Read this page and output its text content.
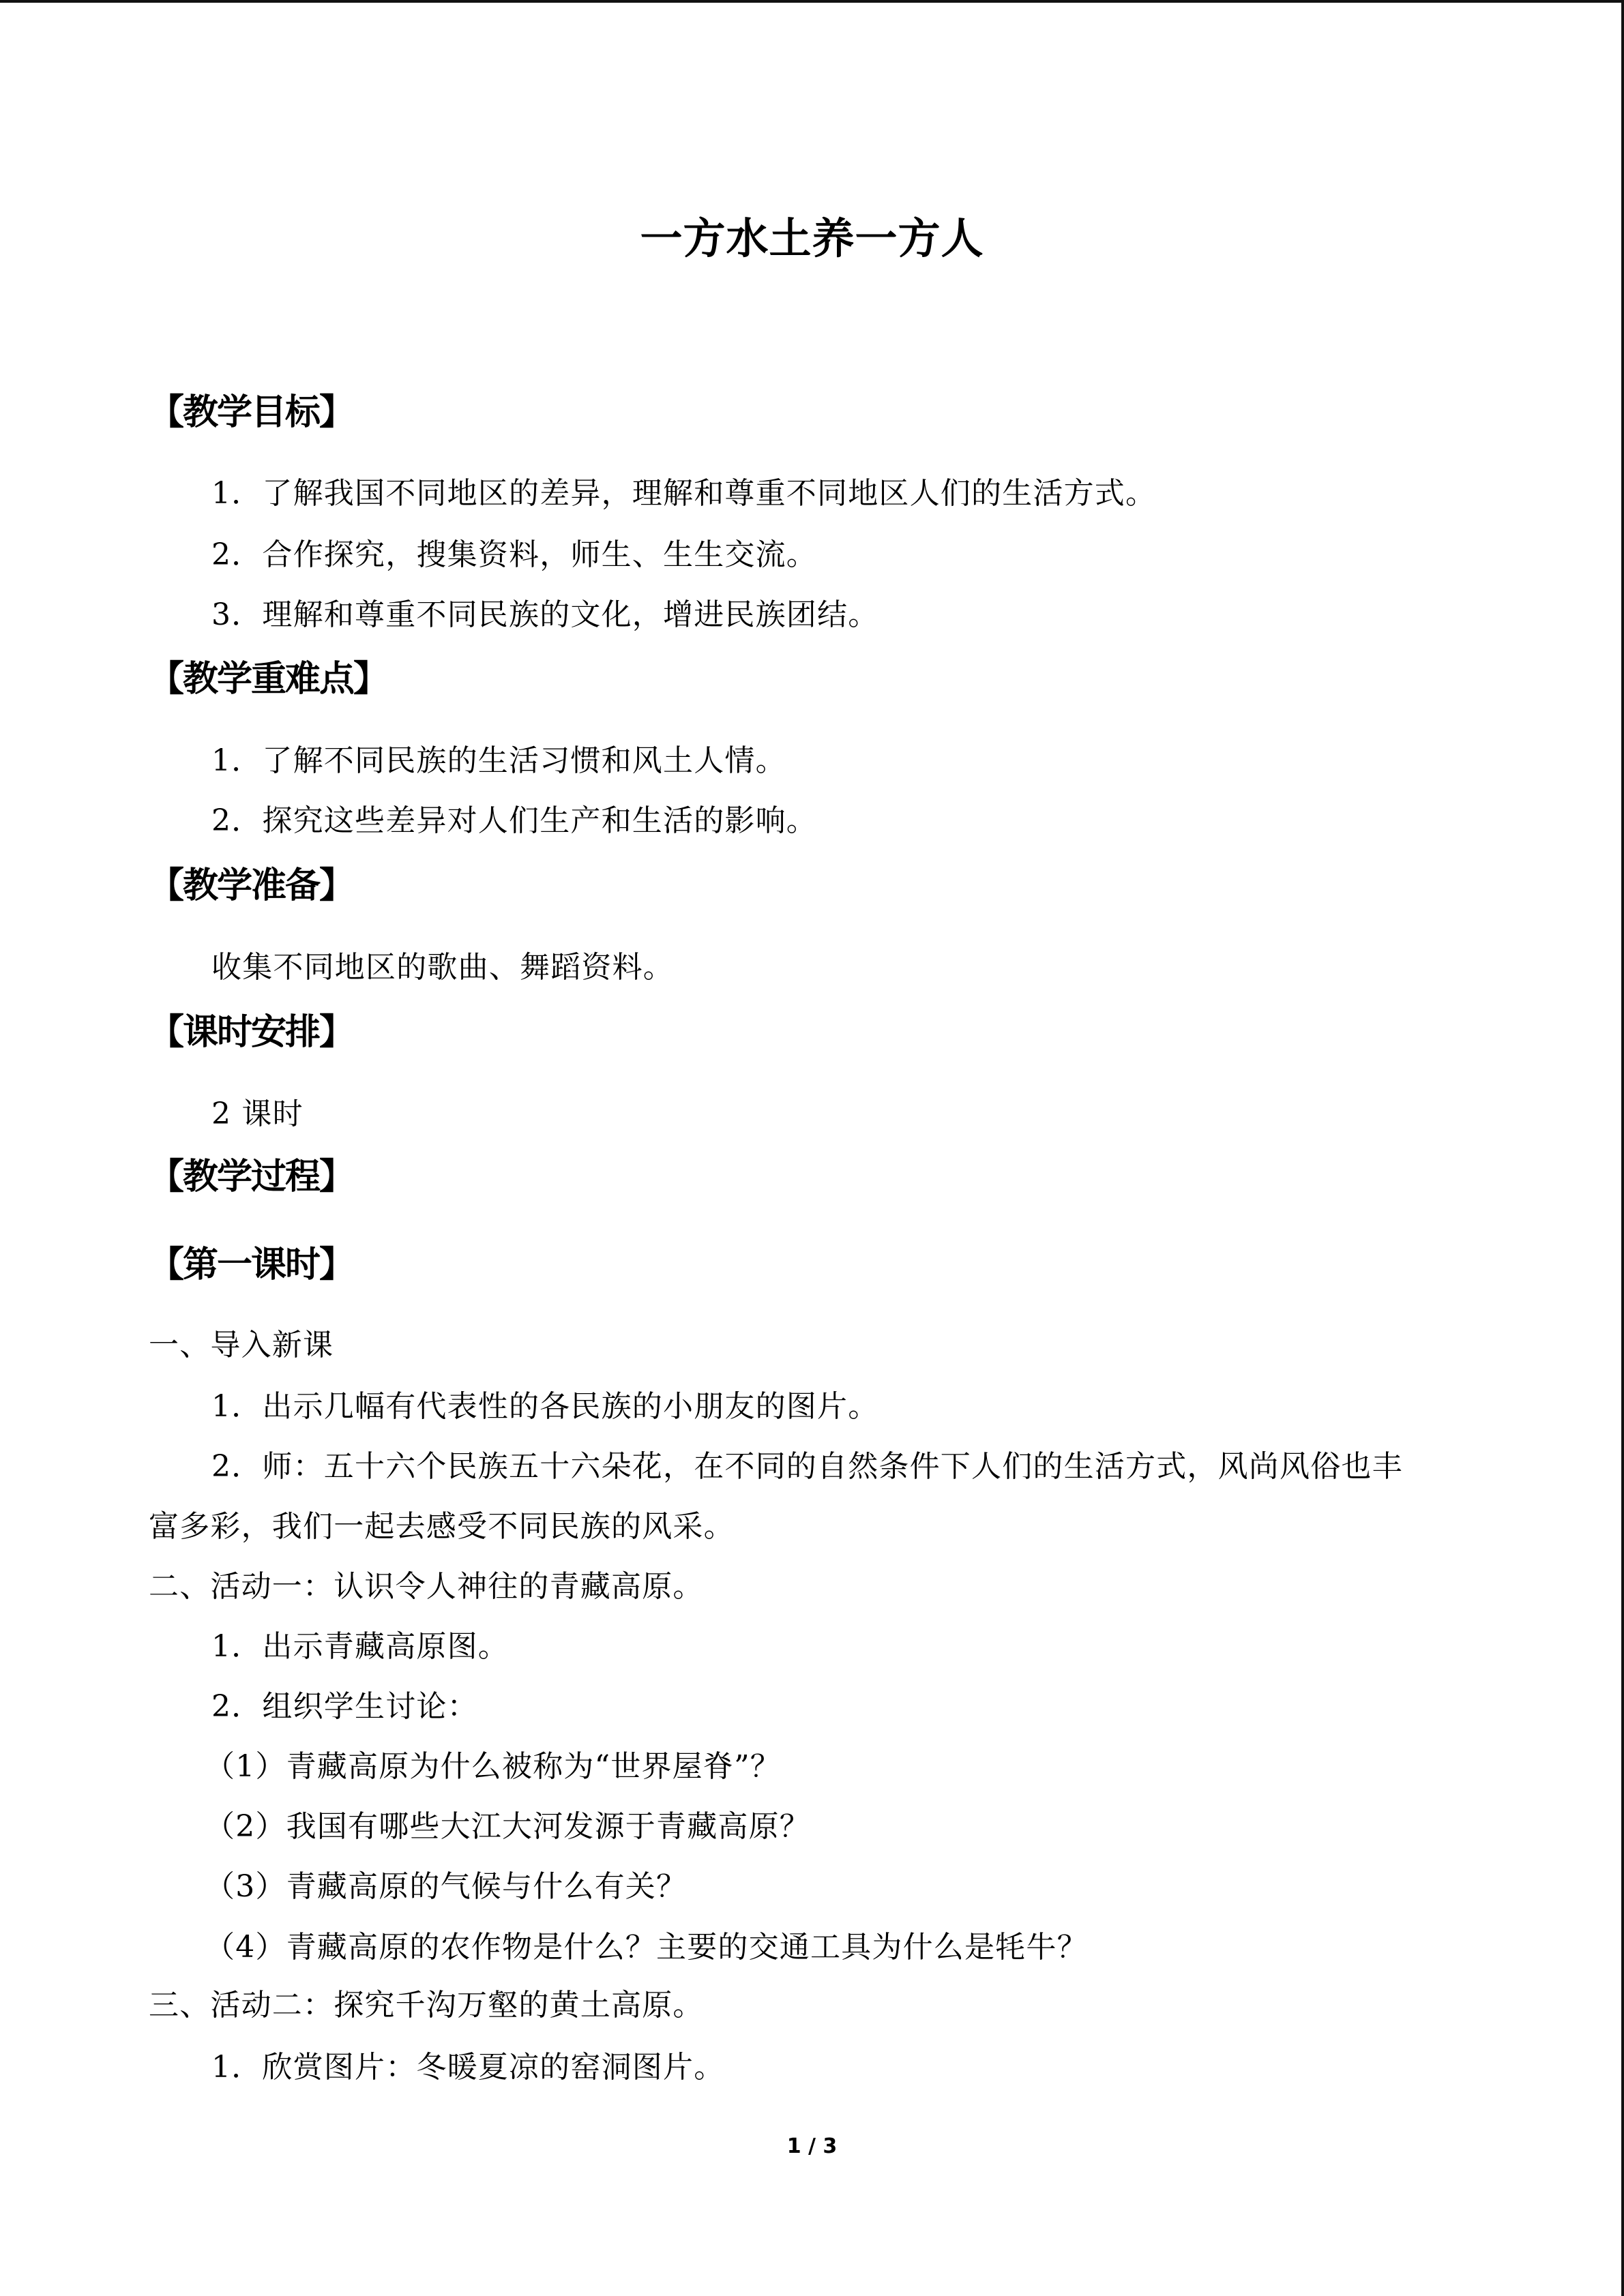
一方水土养一方人
【教学目标】
1．了解我国不同地区的差异，理解和尊重不同地区人们的生活方式。
2．合作探究，搜集资料，师生、生生交流。
3．理解和尊重不同民族的文化，增进民族团结。
【教学重难点】
1．了解不同民族的生活习惯和风土人情。
2．探究这些差异对人们生产和生活的影响。
【教学准备】
收集不同地区的歌曲、舞蹈资料。
【课时安排】
2 课时
【教学过程】
【第一课时】
一、导入新课
1．出示几幅有代表性的各民族的小朋友的图片。
2．师：五十六个民族五十六朵花，在不同的自然条件下人们的生活方式，风尚风俗也丰
富多彩，我们一起去感受不同民族的风采。
二、活动一：认识令人神往的青藏高原。
1．出示青藏高原图。
2．组织学生讨论：
（1）青藏高原为什么被称为“世界屋脊”？
（2）我国有哪些大江大河发源于青藏高原？
（3）青藏高原的气候与什么有关？
（4）青藏高原的农作物是什么？主要的交通工具为什么是牦牛？
三、活动二：探究千沟万壑的黄土高原。
1．欣赏图片：冬暖夏凉的窑洞图片。
1 / 3
